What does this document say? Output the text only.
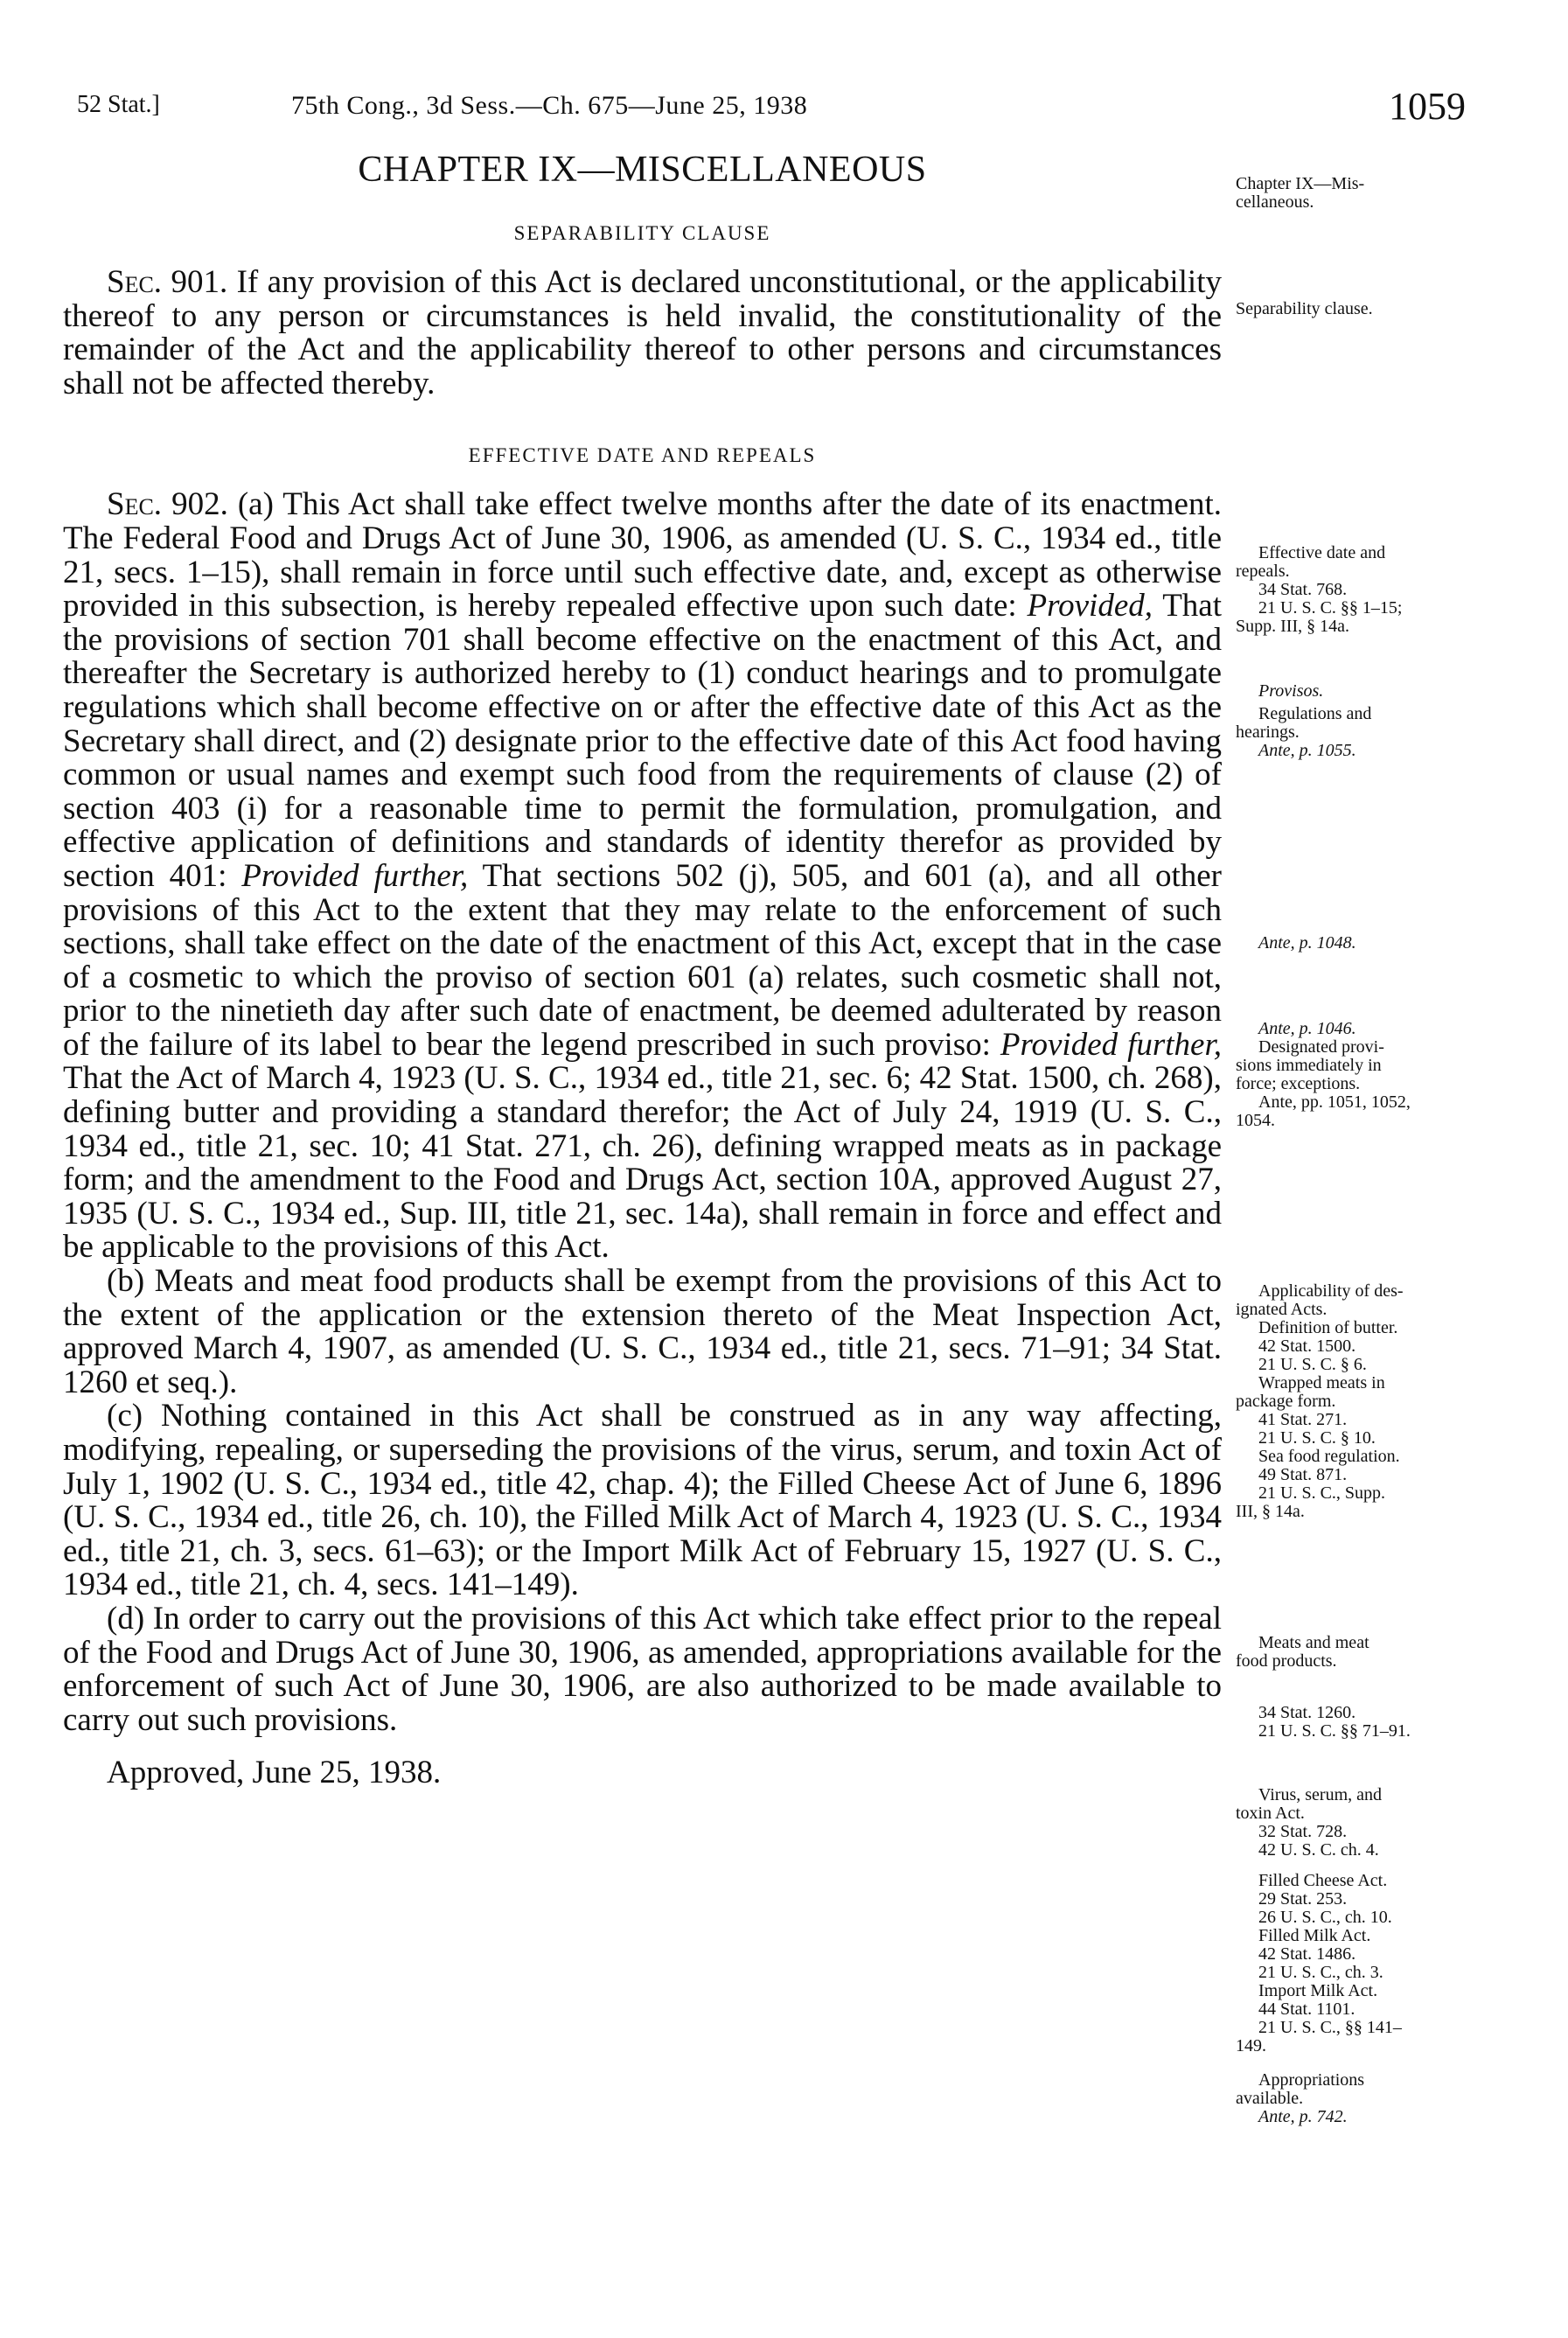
52 Stat.]	75th Cong., 3d Sess.—Ch. 675—June 25, 1938	1059
CHAPTER IX—MISCELLANEOUS
SEPARABILITY CLAUSE

Sec. 901. If any provision of this Act is declared unconstitutional, or the applicability thereof to any person or circumstances is held invalid, the constitutionality of the remainder of the Act and the applicability thereof to other persons and circumstances shall not be affected thereby.

EFFECTIVE DATE AND REPEALS

Sec. 902. (a) This Act shall take effect twelve months after the date of its enactment. The Federal Food and Drugs Act of June 30, 1906, as amended (U. S. C., 1934 ed., title 21, secs. 1–15), shall remain in force until such effective date, and, except as otherwise provided in this subsection, is hereby repealed effective upon such date: Provided, That the provisions of section 701 shall become effective on the enactment of this Act, and thereafter the Secretary is authorized hereby to (1) conduct hearings and to promulgate regulations which shall become effective on or after the effective date of this Act as the Secretary shall direct, and (2) designate prior to the effective date of this Act food having common or usual names and exempt such food from the requirements of clause (2) of section 403 (i) for a reasonable time to permit the formulation, promulgation, and effective application of definitions and standards of identity therefor as provided by section 401: Provided further, That sections 502 (j), 505, and 601 (a), and all other provisions of this Act to the extent that they may relate to the enforcement of such sections, shall take effect on the date of the enactment of this Act, except that in the case of a cosmetic to which the proviso of section 601 (a) relates, such cosmetic shall not, prior to the ninetieth day after such date of enactment, be deemed adulterated by reason of the failure of its label to bear the legend prescribed in such proviso: Provided further, That the Act of March 4, 1923 (U. S. C., 1934 ed., title 21, sec. 6; 42 Stat. 1500, ch. 268), defining butter and providing a standard therefor; the Act of July 24, 1919 (U. S. C., 1934 ed., title 21, sec. 10; 41 Stat. 271, ch. 26), defining wrapped meats as in package form; and the amendment to the Food and Drugs Act, section 10A, approved August 27, 1935 (U. S. C., 1934 ed., Sup. III, title 21, sec. 14a), shall remain in force and effect and be applicable to the provisions of this Act.

(b) Meats and meat food products shall be exempt from the provisions of this Act to the extent of the application or the extension thereto of the Meat Inspection Act, approved March 4, 1907, as amended (U. S. C., 1934 ed., title 21, secs. 71–91; 34 Stat. 1260 et seq.).

(c) Nothing contained in this Act shall be construed as in any way affecting, modifying, repealing, or superseding the provisions of the virus, serum, and toxin Act of July 1, 1902 (U. S. C., 1934 ed., title 42, chap. 4); the Filled Cheese Act of June 6, 1896 (U. S. C., 1934 ed., title 26, ch. 10), the Filled Milk Act of March 4, 1923 (U. S. C., 1934 ed., title 21, ch. 3, secs. 61–63); or the Import Milk Act of February 15, 1927 (U. S. C., 1934 ed., title 21, ch. 4, secs. 141–149).

(d) In order to carry out the provisions of this Act which take effect prior to the repeal of the Food and Drugs Act of June 30, 1906, as amended, appropriations available for the enforcement of such Act of June 30, 1906, are also authorized to be made available to carry out such provisions.

Approved, June 25, 1938.

Chapter IX—Mis-
cellaneous.
Separability clause.
Effective date and
repeals.
34 Stat. 768.
21 U. S. C. §§ 1–15;
Supp. III, § 14a.
Provisos.
Regulations and
hearings.
Ante, p. 1055.
Ante, p. 1048.
Ante, p. 1046.
Designated provi-
sions immediately in
force; exceptions.
Ante, pp. 1051, 1052,
1054.
Applicability of des-
ignated Acts.
Definition of butter.
42 Stat. 1500.
21 U. S. C. § 6.
Wrapped meats in
package form.
41 Stat. 271.
21 U. S. C. § 10.
Sea food regulation.
49 Stat. 871.
21 U. S. C., Supp.
III, § 14a.
Meats and meat
food products.
34 Stat. 1260.
21 U. S. C. §§ 71–91.
Virus, serum, and
toxin Act.
32 Stat. 728.
42 U. S. C. ch. 4.
Filled Cheese Act.
29 Stat. 253.
26 U. S. C., ch. 10.
Filled Milk Act.
42 Stat. 1486.
21 U. S. C., ch. 3.
Import Milk Act.
44 Stat. 1101.
21 U. S. C., §§ 141–
149.
Appropriations
available.
Ante, p. 742.
